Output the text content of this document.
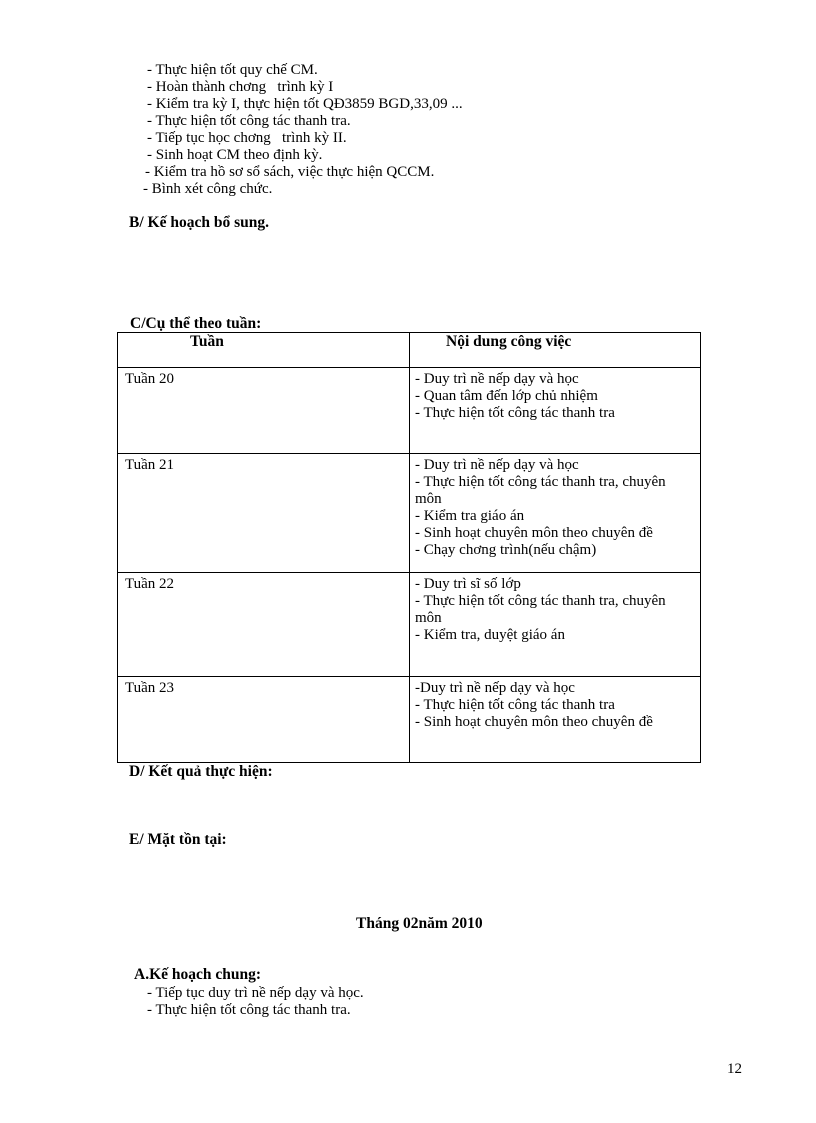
- Thực hiện tốt quy chế CM.
- Hoàn thành chơng   trình kỳ I
- Kiểm tra kỳ I, thực hiện tốt QĐ3859 BGD,33,09 ...
- Thực hiện tốt công tác thanh tra.
- Tiếp tục học chơng   trình kỳ II.
- Sinh hoạt CM theo định kỳ.
- Kiểm tra hồ sơ sổ sách, việc thực hiện QCCM.
- Bình xét công chức.
B/ Kế hoạch bổ sung.
C/Cụ thể theo tuần:
Tuần	Nội dung công việc
Tuần 20	- Duy trì nề nếp dạy và học
- Quan tâm đến lớp chủ nhiệm
- Thực hiện tốt công tác thanh tra

Tuần 21	- Duy trì nề nếp dạy và học
- Thực hiện tốt công tác thanh tra, chuyên môn
- Kiểm tra giáo án
- Sinh hoạt chuyên môn theo chuyên đề
- Chạy chơng trình(nếu chậm)

Tuần 22	- Duy trì sĩ số lớp
- Thực hiện tốt công tác thanh tra, chuyên môn
- Kiểm tra, duyệt giáo án

Tuần 23	-Duy trì nề nếp dạy và học
- Thực hiện tốt công tác thanh tra
- Sinh hoạt chuyên môn theo chuyên đề
D/ Kết quả thực hiện:
E/ Mặt tồn tại:
Tháng 02năm 2010
A.Kế hoạch chung:
- Tiếp tục duy trì nề nếp dạy và học.
- Thực hiện tốt công tác thanh tra.
12
